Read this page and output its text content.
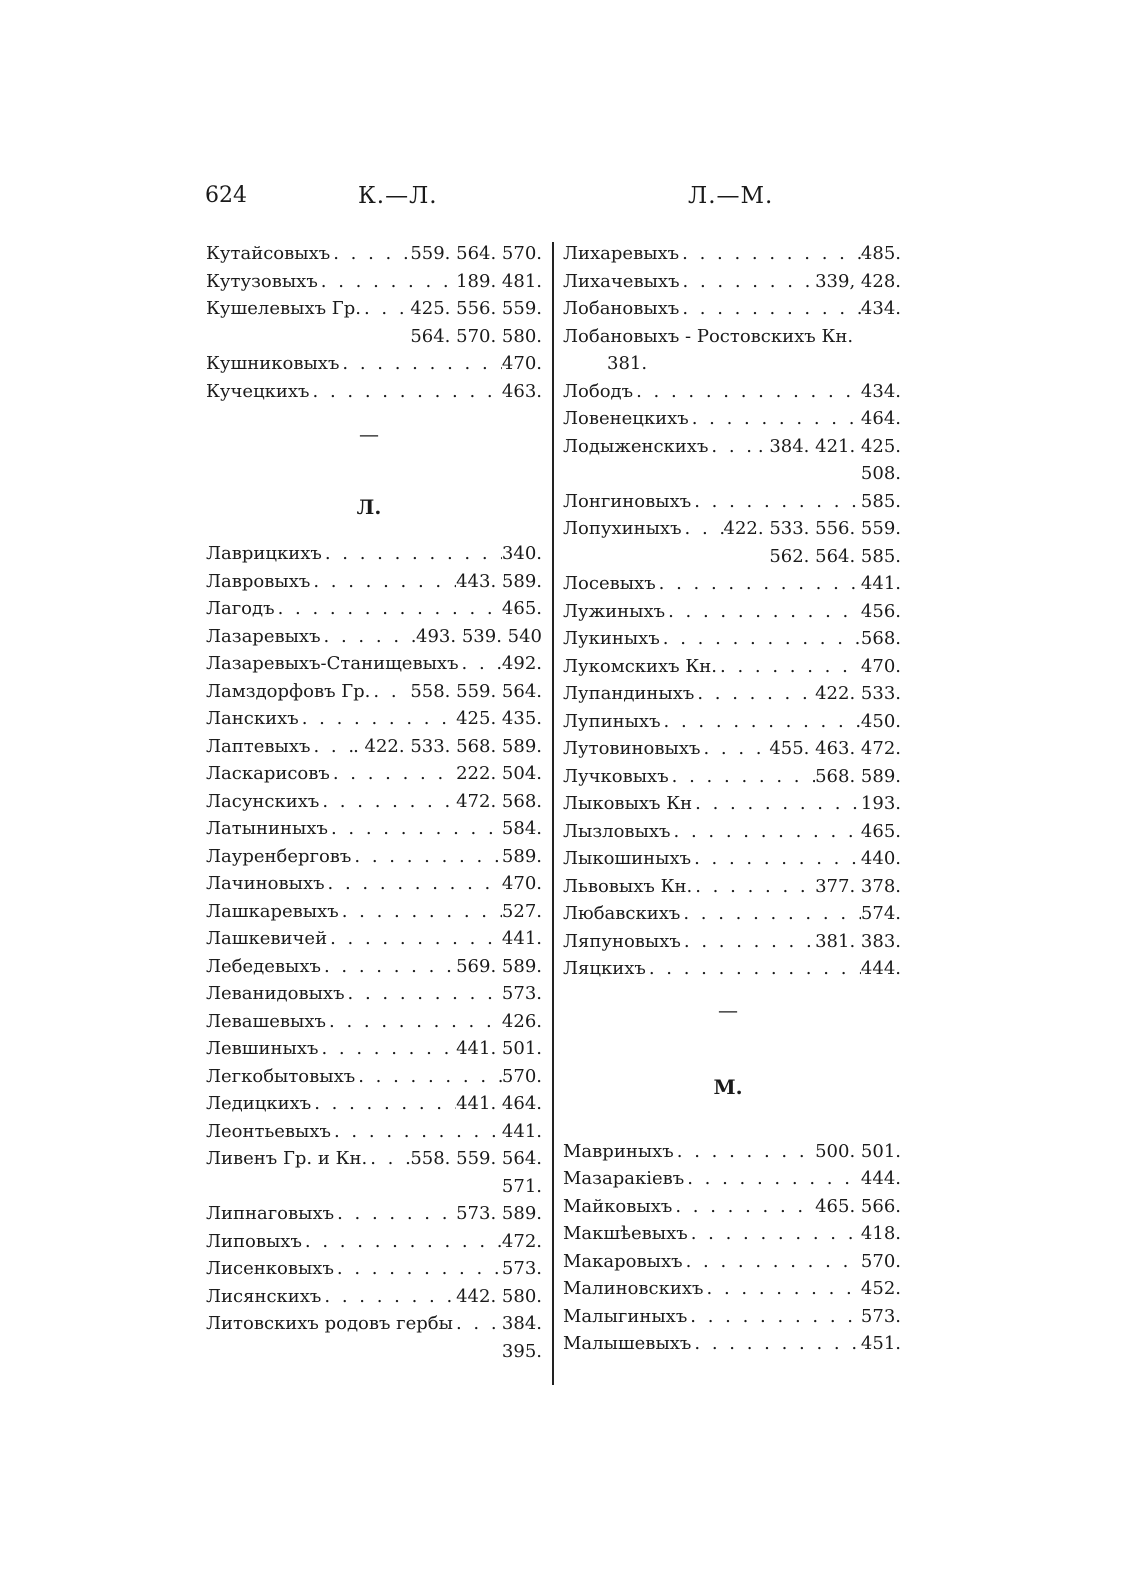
624	К.—Л.	Л.—М.
Кутайсовыхъ . . .	559. 564. 570.
Кутузовыхъ . . .	189. 481.
Кушелевыхъ Гр. . . .	425. 556. 559.
564. 570. 580.
Кушниковыхъ . . .	470.
Кучецкихъ . . .	463.
—
Л.
Лаврицкихъ . . .	340.
Лавровыхъ . . .	443. 589.
Лагодъ . . .	465.
Лазаревыхъ . . .	493. 539. 540
Лазаревыхъ-Станищевыхъ . . . 492.
Ламздорфовъ Гр. . . . 558. 559. 564.
Ланскихъ . . .	425. 435.
Лаптевыхъ . . . . 422. 533. 568. 589.
Ласкарисовъ . . .	222. 504.
Ласунскихъ . . .	472. 568.
Латыниныхъ . . .	584.
Лауренберговъ . . .	589.
Лачиновыхъ . . .	470.
Лашкаревыхъ . . .	527.
Лашкевичей . . .	441.
Лебедевыхъ . . .	569. 589.
Леванидовыхъ . . .	573.
Левашевыхъ . . .	426.
Левшиныхъ . . .	441. 501.
Легкобытовыхъ . . .	570.
Ледицкихъ . . .	441. 464.
Леонтьевыхъ . . .	441.
Ливенъ Гр. и Кн. . . . 558. 559. 564.
571.
Липнаговыхъ . . .	573. 589.
Липовыхъ . . .	472.
Лисенковыхъ . . .	573.
Лисянскихъ . . .	442. 580.
Литовскихъ родовъ гербы . . .	384.
395.
Лихаревыхъ . . .	485.
Лихачевыхъ . . .	339, 428.
Лобановыхъ . . .	434.
Лобановыхъ - Ростовскихъ Кн.
381.
Лободъ . . .	434.
Ловенецкихъ . . .	464.
Лодыженскихъ . . .	. 384. 421. 425.
508.
Лонгиновыхъ . . .	585.
Лопухиныхъ . . . 422. 533. 556. 559.
562. 564. 585.
Лосевыхъ . . .	441.
Лужиныхъ . . .	456.
Лукиныхъ . . .	568.
Лукомскихъ Кн. . . .	470.
Лупандиныхъ . . .	422. 533.
Лупиныхъ . . .	450.
Лутовиновыхъ . . .	455. 463. 472.
Лучковыхъ . . .	568. 589.
Лыковыхъ Кн . . .	193.
Лызловыхъ . . .	465.
Лыкошиныхъ . . .	440.
Львовыхъ Кн. . . .	377. 378.
Любавскихъ . . .	574.
Ляпуновыхъ . . .	381. 383.
Ляцкихъ . . .	444.
—
М.
Мавриныхъ . . .	500. 501.
Мазаракiевъ . . .	444.
Майковыхъ . . .	465. 566.
Макшѣевыхъ . . .	418.
Макаровыхъ . . .	570.
Малиновскихъ . . .	452.
Малыгиныхъ . . .	573.
Малышевыхъ . . .	451.
